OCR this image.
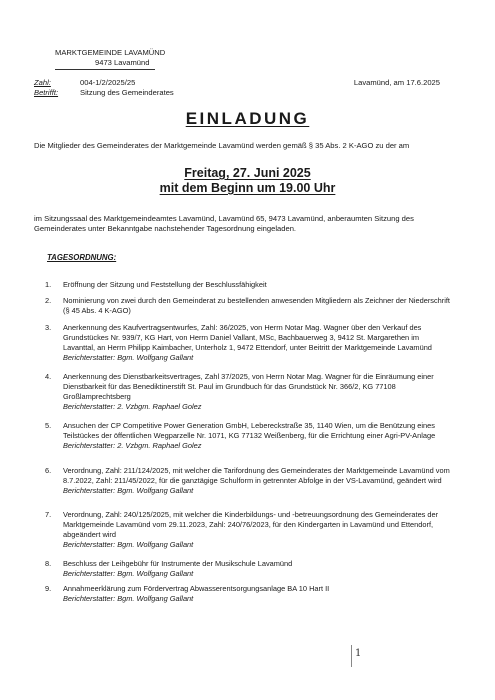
MARKTGEMEINDE LAVAMÜND
9473 Lavamünd
Zahl:	004-1/2/2025/25
Betrifft:	Sitzung des Gemeinderates
Lavamünd, am 17.6.2025
EINLADUNG
Die Mitglieder des Gemeinderates der Marktgemeinde Lavamünd werden gemäß § 35 Abs. 2 K-AGO zu der am
Freitag, 27. Juni 2025
mit dem Beginn um 19.00 Uhr
im Sitzungssaal des Marktgemeindeamtes Lavamünd, Lavamünd 65, 9473 Lavamünd, anberaumten Sitzung des Gemeinderates unter Bekanntgabe nachstehender Tagesordnung eingeladen.
TAGESORDNUNG:
1. Eröffnung der Sitzung und Feststellung der Beschlussfähigkeit
2. Nominierung von zwei durch den Gemeinderat zu bestellenden anwesenden Mitgliedern als Zeichner der Niederschrift (§ 45 Abs. 4 K-AGO)
3. Anerkennung des Kaufvertragsentwurfes, Zahl: 36/2025, von Herrn Notar Mag. Wagner über den Verkauf des Grundstückes Nr. 939/7, KG Hart, von Herrn Daniel Vallant, MSc, Bachbauerweg 3, 9412 St. Margarethen im Lavanttal, an Herrn Philipp Kaimbacher, Unterholz 1, 9472 Ettendorf, unter Beitritt der Marktgemeinde Lavamünd
Berichterstatter: Bgm. Wolfgang Gallant
4. Anerkennung des Dienstbarkeitsvertrages, Zahl 37/2025, von Herrn Notar Mag. Wagner für die Einräumung einer Dienstbarkeit für das Benediktinerstift St. Paul im Grundbuch für das Grundstück Nr. 366/2, KG 77108 Großlamprechtsberg
Berichterstatter: 2. Vzbgm. Raphael Golez
5. Ansuchen der CP Competitive Power Generation GmbH, Lebereckstraße 35, 1140 Wien, um die Benützung eines Teilstückes der öffentlichen Wegparzelle Nr. 1071, KG 77132 Weißenberg, für die Errichtung einer Agri-PV-Anlage
Berichterstatter: 2. Vzbgm. Raphael Golez
6. Verordnung, Zahl: 211/124/2025, mit welcher die Tarifordnung des Gemeinderates der Marktgemeinde Lavamünd vom 8.7.2022, Zahl: 211/45/2022, für die ganztägige Schulform in getrennter Abfolge in der VS-Lavamünd, geändert wird
Berichterstatter: Bgm. Wolfgang Gallant
7. Verordnung, Zahl: 240/125/2025, mit welcher die Kinderbildungs- und -betreuungsordnung des Gemeinderates der Marktgemeinde Lavamünd vom 29.11.2023, Zahl: 240/76/2023, für den Kindergarten in Lavamünd und Ettendorf, abgeändert wird
Berichterstatter: Bgm. Wolfgang Gallant
8. Beschluss der Leihgebühr für Instrumente der Musikschule Lavamünd
Berichterstatter: Bgm. Wolfgang Gallant
9. Annahmeerklärung zum Fördervertrag Abwasserentsorgungsanlage BA 10 Hart II
Berichterstatter: Bgm. Wolfgang Gallant
1
